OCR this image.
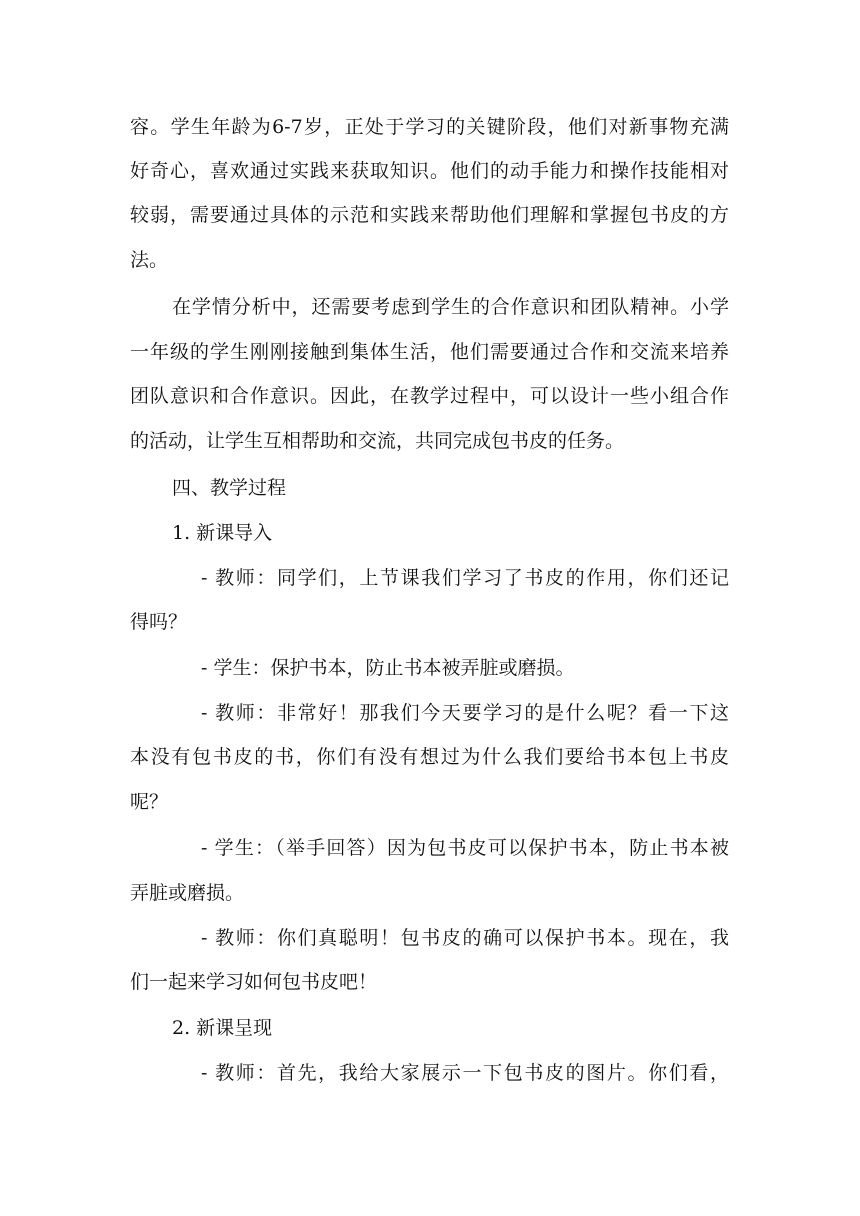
容。学生年龄为6-7岁，正处于学习的关键阶段，他们对新事物充满
好奇心，喜欢通过实践来获取知识。他们的动手能力和操作技能相对
较弱，需要通过具体的示范和实践来帮助他们理解和掌握包书皮的方
法。
在学情分析中，还需要考虑到学生的合作意识和团队精神。小学
一年级的学生刚刚接触到集体生活，他们需要通过合作和交流来培养
团队意识和合作意识。因此，在教学过程中，可以设计一些小组合作
的活动，让学生互相帮助和交流，共同完成包书皮的任务。
四、教学过程
1. 新课导入
- 教师：同学们，上节课我们学习了书皮的作用，你们还记
得吗？
- 学生：保护书本，防止书本被弄脏或磨损。
- 教师：非常好！那我们今天要学习的是什么呢？看一下这
本没有包书皮的书，你们有没有想过为什么我们要给书本包上书皮
呢？
- 学生：（举手回答）因为包书皮可以保护书本，防止书本被
弄脏或磨损。
- 教师：你们真聪明！包书皮的确可以保护书本。现在，我
们一起来学习如何包书皮吧！
2. 新课呈现
- 教师：首先，我给大家展示一下包书皮的图片。你们看，
